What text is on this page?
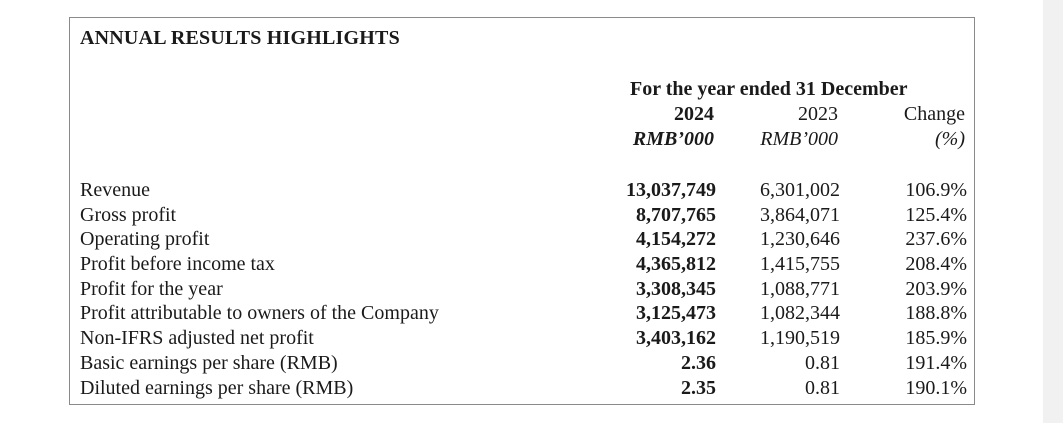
ANNUAL RESULTS HIGHLIGHTS
For the year ended 31 December
2024	2023	Change
RMB’000 RMB’000	(%)
Revenue	13,037,749 6,301,002	106.9%
Gross profit	8,707,765 3,864,071	125.4%
Operating profit	4,154,272 1,230,646	237.6%
Profit before income tax	4,365,812 1,415,755	208.4%
Profit for the year	3,308,345 1,088,771	203.9%
Profit attributable to owners of the Company	3,125,473 1,082,344	188.8%
Non-IFRS adjusted net profit	3,403,162 1,190,519	185.9%
Basic earnings per share (RMB)	2.36	0.81	191.4%
Diluted earnings per share (RMB)	2.35	0.81	190.1%
